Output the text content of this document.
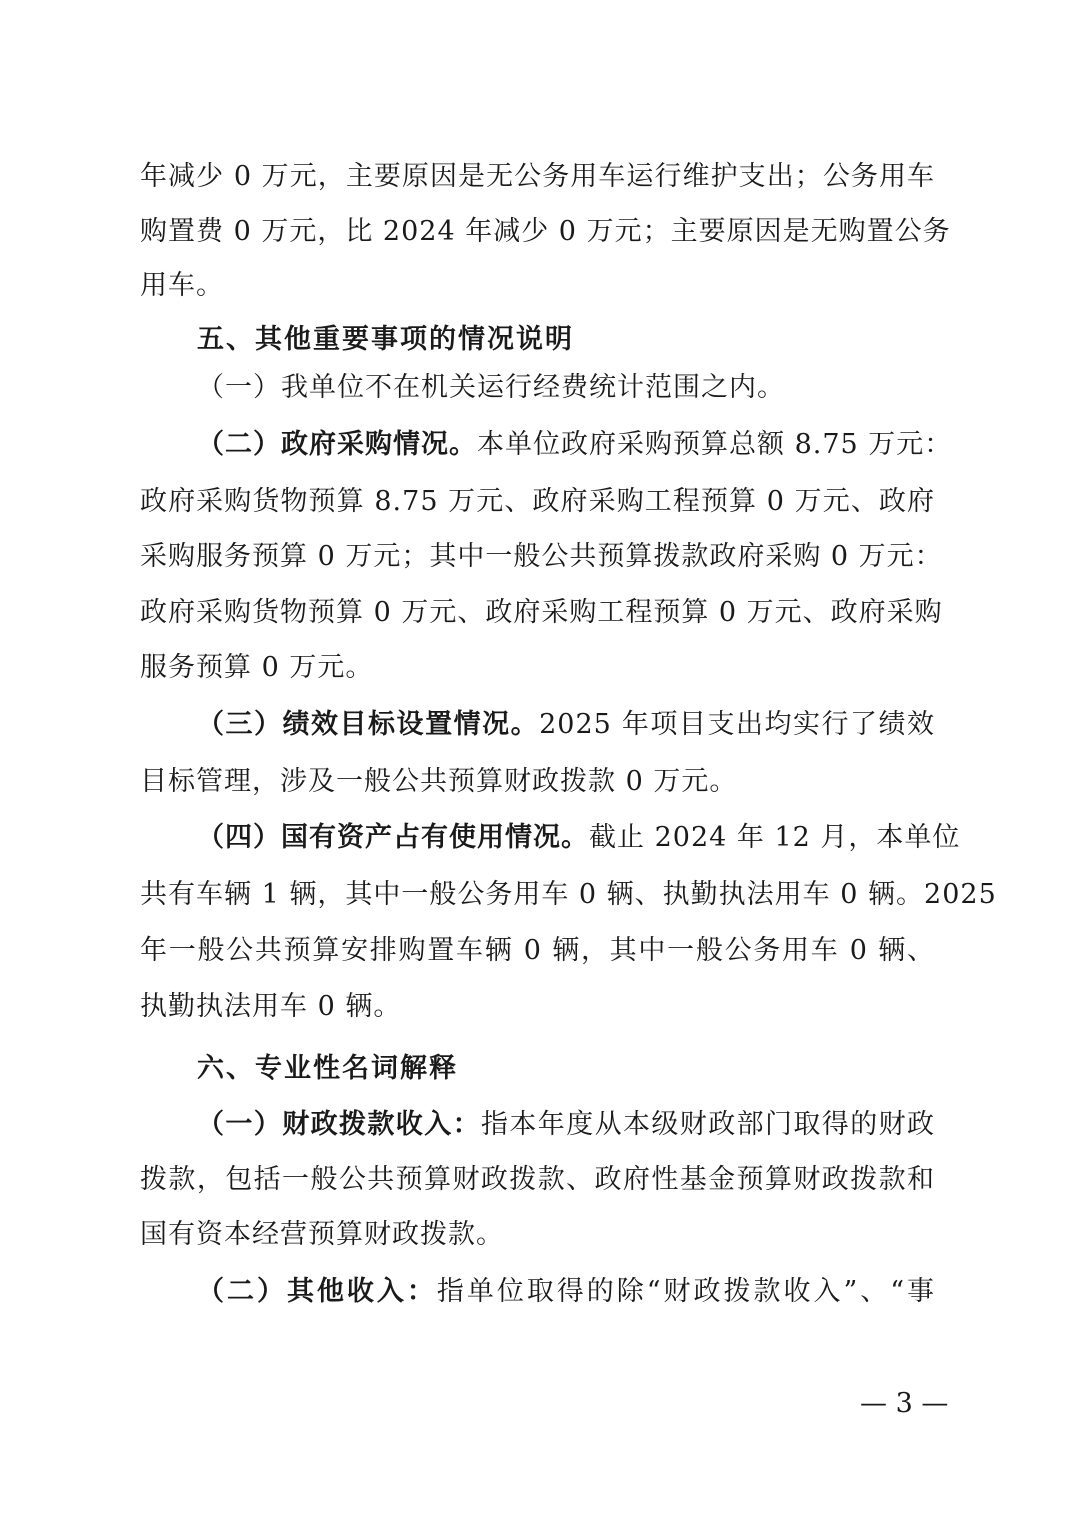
年减少 0 万元，主要原因是无公务用车运行维护支出；公务用车
购置费 0 万元，比 2024 年减少 0 万元；主要原因是无购置公务
用车。
五、其他重要事项的情况说明
（一）我单位不在机关运行经费统计范围之内。
（二）政府采购情况。本单位政府采购预算总额 8.75 万元：
政府采购货物预算 8.75 万元、政府采购工程预算 0 万元、政府
采购服务预算 0 万元；其中一般公共预算拨款政府采购 0 万元：
政府采购货物预算 0 万元、政府采购工程预算 0 万元、政府采购
服务预算 0 万元。
（三）绩效目标设置情况。2025 年项目支出均实行了绩效
目标管理，涉及一般公共预算财政拨款 0 万元。
（四）国有资产占有使用情况。截止 2024 年 12 月，本单位
共有车辆 1 辆，其中一般公务用车 0 辆、执勤执法用车 0 辆。2025
年一般公共预算安排购置车辆 0 辆，其中一般公务用车 0 辆、
执勤执法用车 0 辆。
六、专业性名词解释
（一）财政拨款收入：指本年度从本级财政部门取得的财政
拨款，包括一般公共预算财政拨款、政府性基金预算财政拨款和
国有资本经营预算财政拨款。
（二）其他收入：指单位取得的除“财政拨款收入”、“事
— 3 —
